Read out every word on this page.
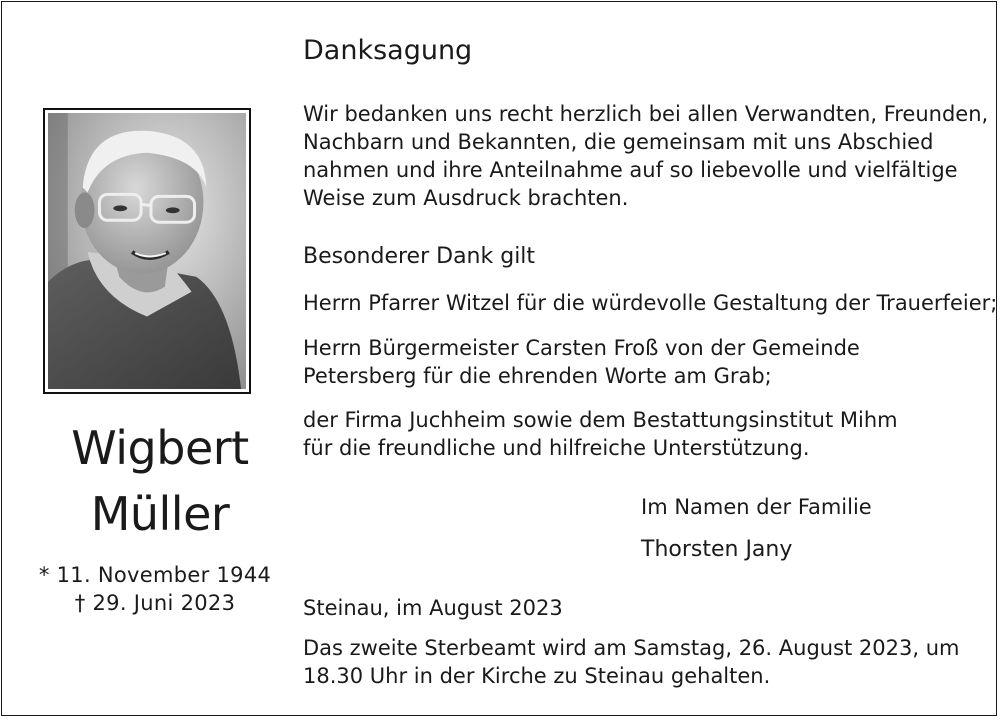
Wigbert
Müller
* 11. November 1944
† 29. Juni 2023
Danksagung
Wir bedanken uns recht herzlich bei allen Verwandten, Freunden,
Nachbarn und Bekannten, die gemeinsam mit uns Abschied
nahmen und ihre Anteilnahme auf so liebevolle und vielfältige
Weise zum Ausdruck brachten.
Besonderer Dank gilt
Herrn Pfarrer Witzel für die würdevolle Gestaltung der Trauerfeier;
Herrn Bürgermeister Carsten Froß von der Gemeinde
Petersberg für die ehrenden Worte am Grab;
der Firma Juchheim sowie dem Bestattungsinstitut Mihm
für die freundliche und hilfreiche Unterstützung.
Im Namen der Familie
Thorsten Jany
Steinau, im August 2023
Das zweite Sterbeamt wird am Samstag, 26. August 2023, um
18.30 Uhr in der Kirche zu Steinau gehalten.
